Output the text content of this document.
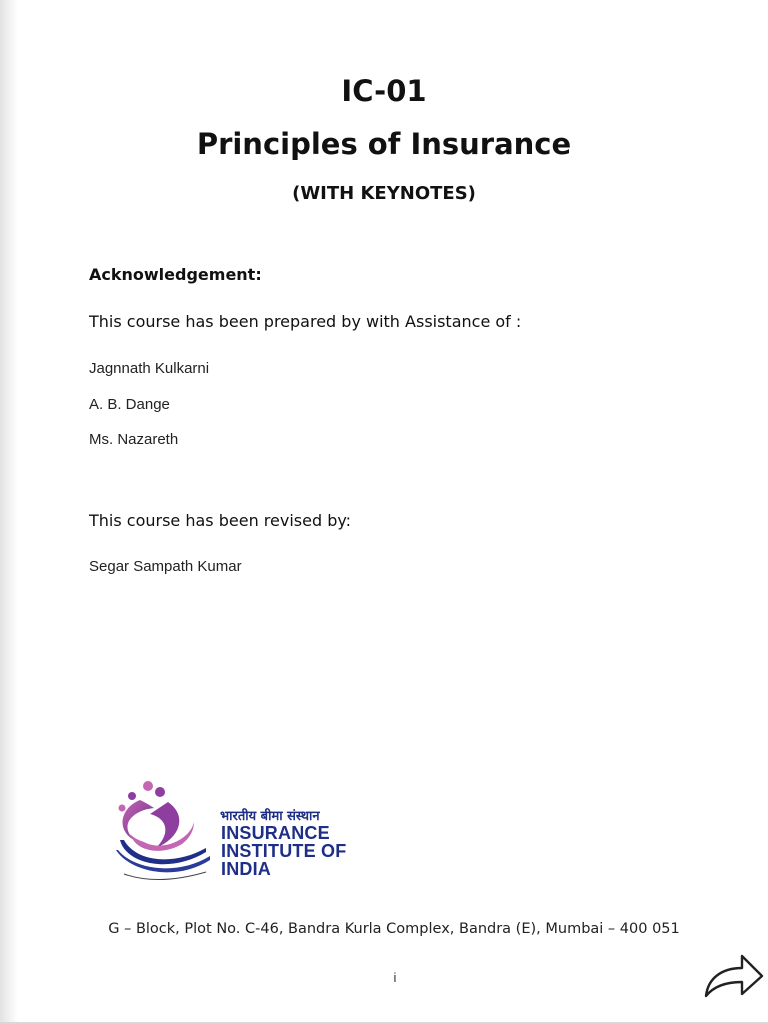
IC-01
Principles of Insurance
(WITH KEYNOTES)
Acknowledgement:
This course has been prepared by with Assistance of :
Jagnnath Kulkarni
A. B. Dange
Ms. Nazareth
This course has been revised by:
Segar Sampath Kumar
भारतीय बीमा संस्थान
INSURANCE
INSTITUTE OF
INDIA
G – Block, Plot No. C-46, Bandra Kurla Complex, Bandra (E), Mumbai – 400 051
i
